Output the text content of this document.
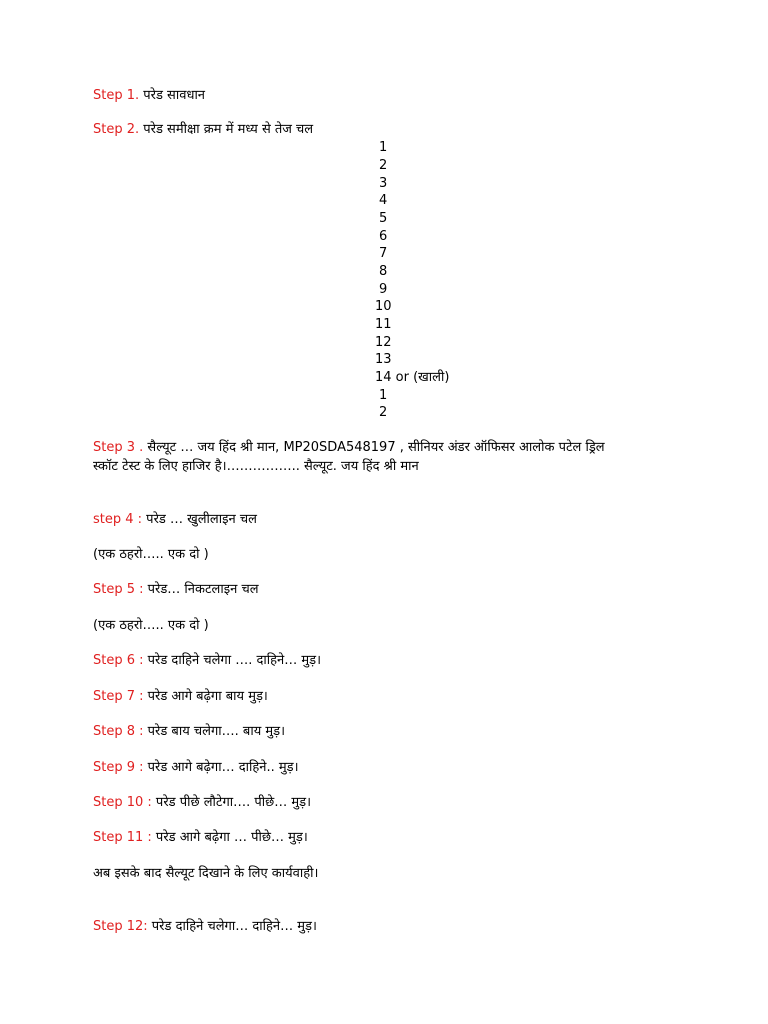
Step 1. परेड सावधान
Step 2. परेड समीक्षा क्रम में मध्य से तेज चल
1
2
3
4
5
6
7
8
9
10
11
12
13
14 or (खाली)
1
2
Step 3 . सैल्यूट … जय हिंद श्री मान, MP20SDA548197 , सीनियर अंडर ऑफिसर आलोक पटेल ड्रिल
स्कॉट टेस्ट के लिए हाजिर है।…………….. सैल्यूट. जय हिंद श्री मान
step 4 : परेड … खुलीलाइन चल
(एक ठहरो….. एक दो )
Step 5 : परेड… निकटलाइन चल
(एक ठहरो….. एक दो )
Step 6 : परेड दाहिने चलेगा …. दाहिने… मुड़।
Step 7 : परेड आगे बढ़ेगा बाय मुड़।
Step 8 : परेड बाय चलेगा…. बाय मुड़।
Step 9 : परेड आगे बढ़ेगा… दाहिने.. मुड़।
Step 10 : परेड पीछे लौटेगा…. पीछे… मुड़।
Step 11 : परेड आगे बढ़ेगा … पीछे… मुड़।
अब इसके बाद सैल्यूट दिखाने के लिए कार्यवाही।
Step 12: परेड दाहिने चलेगा… दाहिने… मुड़।
